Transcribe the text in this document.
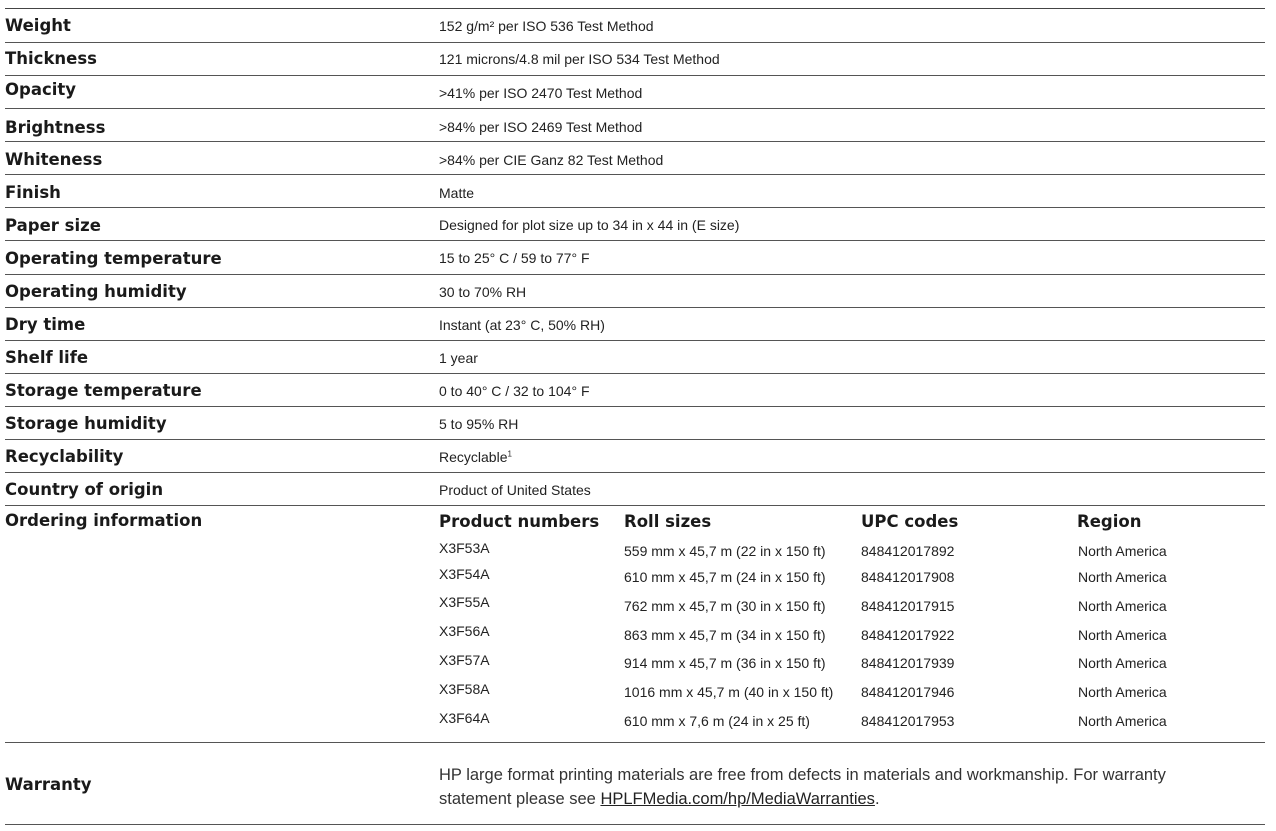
Weight	152 g/m² per ISO 536 Test Method
Thickness	121 microns/4.8 mil per ISO 534 Test Method
Opacity	>41% per ISO 2470 Test Method
Brightness	>84% per ISO 2469 Test Method
Whiteness	>84% per CIE Ganz 82 Test Method
Finish	Matte
Paper size	Designed for plot size up to 34 in x 44 in (E size)
Operating temperature	15 to 25° C / 59 to 77° F
Operating humidity	30 to 70% RH
Dry time	Instant (at 23° C, 50% RH)
Shelf life	1 year
Storage temperature	0 to 40° C / 32 to 104° F
Storage humidity	5 to 95% RH
Recyclability	Recyclable$^1$
Country of origin	Product of United States
Ordering information	Product numbers Roll sizes	UPC codes	Region
X3F53A	559 mm x 45,7 m (22 in x 150 ft)	848412017892	North America
X3F54A	610 mm x 45,7 m (24 in x 150 ft)	848412017908	North America
X3F55A	762 mm x 45,7 m (30 in x 150 ft)	848412017915	North America
X3F56A	863 mm x 45,7 m (34 in x 150 ft)	848412017922	North America
X3F57A	914 mm x 45,7 m (36 in x 150 ft)	848412017939	North America
X3F58A	1016 mm x 45,7 m (40 in x 150 ft) 848412017946	North America
X3F64A	610 mm x 7,6 m (24 in x 25 ft)	848412017953	North America
Warranty	HP large format printing materials are free from defects in materials and workmanship. For warranty statement please see HPLFMedia.com/hp/MediaWarranties.
